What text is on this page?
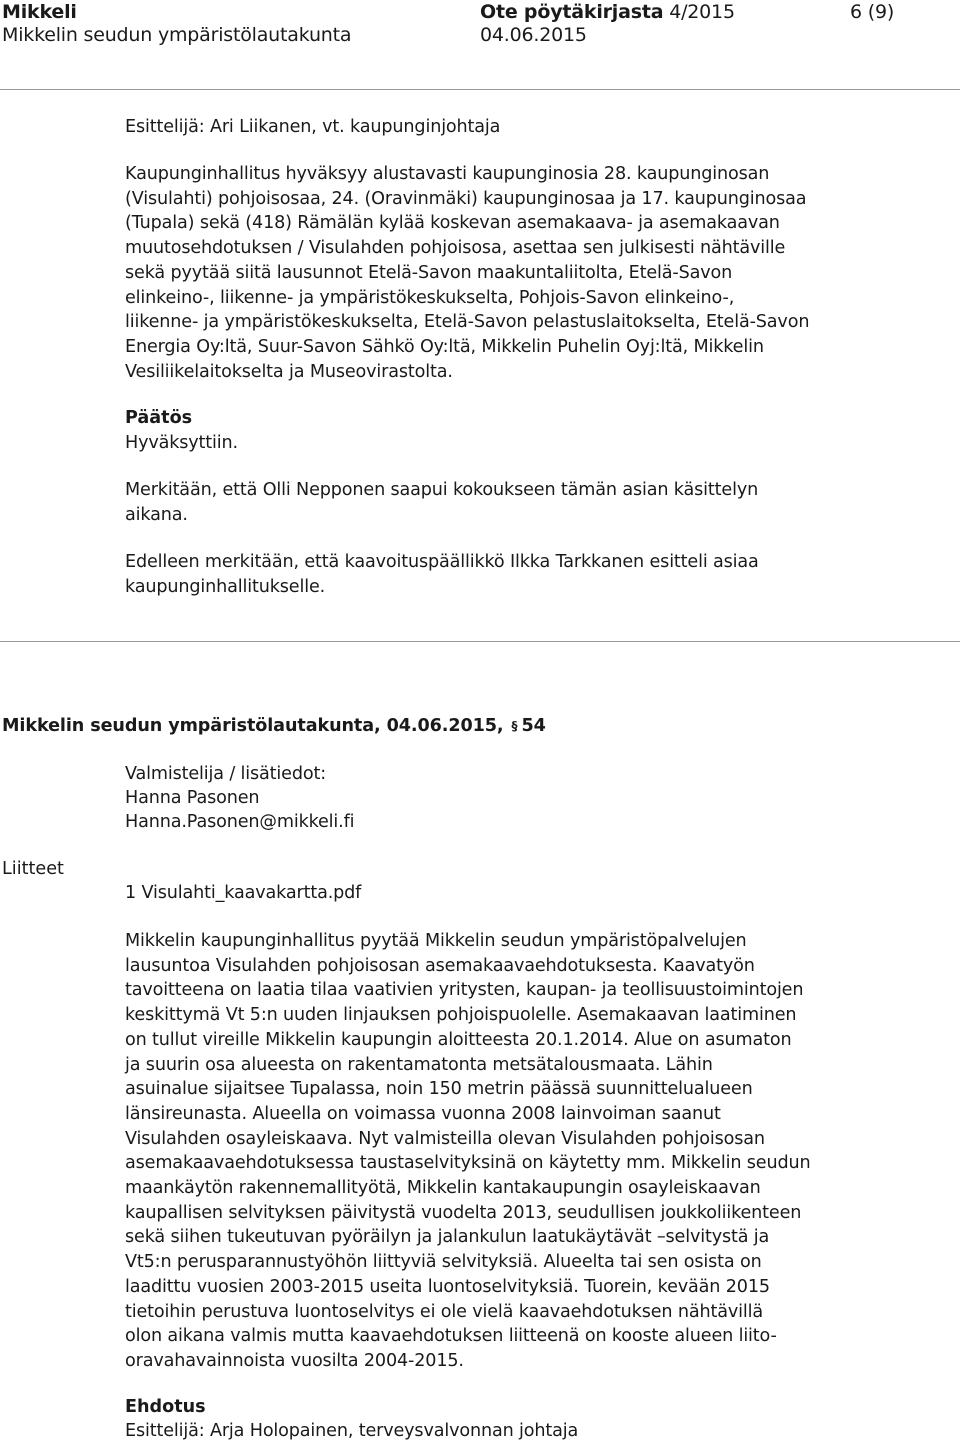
Mikkeli
Mikkelin seudun ympäristölautakunta
Ote pöytäkirjasta 4/2015
04.06.2015
6 (9)

Esittelijä: Ari Liikanen, vt. kaupunginjohtaja

Kaupunginhallitus hyväksyy alustavasti kaupunginosia 28. kaupunginosan
(Visulahti) pohjoisosaa, 24. (Oravinmäki) kaupunginosaa ja 17. kaupunginosaa
(Tupala) sekä (418) Rämälän kylää koskevan asemakaava- ja asemakaavan
muutosehdotuksen / Visulahden pohjoisosa, asettaa sen julkisesti nähtäville
sekä pyytää siitä lausunnot Etelä-Savon maakuntaliitolta, Etelä-Savon
elinkeino-, liikenne- ja ympäristökeskukselta, Pohjois-Savon elinkeino-,
liikenne- ja ympäristökeskukselta, Etelä-Savon pelastuslaitokselta, Etelä-Savon
Energia Oy:ltä, Suur-Savon Sähkö Oy:ltä, Mikkelin Puhelin Oyj:ltä, Mikkelin
Vesiliikelaitokselta ja Museovirastolta.

Päätös

Hyväksyttiin.

Merkitään, että Olli Nepponen saapui kokoukseen tämän asian käsittelyn
aikana.

Edelleen merkitään, että kaavoituspäällikkö Ilkka Tarkkanen esitteli asiaa
kaupunginhallitukselle.

Mikkelin seudun ympäristölautakunta, 04.06.2015, § 54

Valmistelija / lisätiedot:

Hanna Pasonen

Hanna.Pasonen@mikkeli.fi

Liitteet

1 Visulahti_kaavakartta.pdf

Mikkelin kaupunginhallitus pyytää Mikkelin seudun ympäristöpalvelujen
lausuntoa Visulahden pohjoisosan asemakaavaehdotuksesta. Kaavatyön
tavoitteena on laatia tilaa vaativien yritysten, kaupan- ja teollisuustoimintojen
keskittymä Vt 5:n uuden linjauksen pohjoispuolelle. Asemakaavan laatiminen
on tullut vireille Mikkelin kaupungin aloitteesta 20.1.2014. Alue on asumaton
ja suurin osa alueesta on rakentamatonta metsätalousmaata. Lähin
asuinalue sijaitsee Tupalassa, noin 150 metrin päässä suunnittelualueen
länsireunasta. Alueella on voimassa vuonna 2008 lainvoiman saanut
Visulahden osayleiskaava. Nyt valmisteilla olevan Visulahden pohjoisosan
asemakaavaehdotuksessa taustaselvityksinä on käytetty mm. Mikkelin seudun
maankäytön rakennemallityötä, Mikkelin kantakaupungin osayleiskaavan
kaupallisen selvityksen päivitystä vuodelta 2013, seudullisen joukkoliikenteen
sekä siihen tukeutuvan pyöräilyn ja jalankulun laatukäytävät –selvitystä ja
Vt5:n perusparannustyöhön liittyviä selvityksiä. Alueelta tai sen osista on
laadittu vuosien 2003-2015 useita luontoselvityksiä. Tuorein, kevään 2015
tietoihin perustuva luontoselvitys ei ole vielä kaavaehdotuksen nähtävillä
olon aikana valmis mutta kaavaehdotuksen liitteenä on kooste alueen liito-
oravahavainnoista vuosilta 2004-2015.

Ehdotus

Esittelijä: Arja Holopainen, terveysvalvonnan johtaja
